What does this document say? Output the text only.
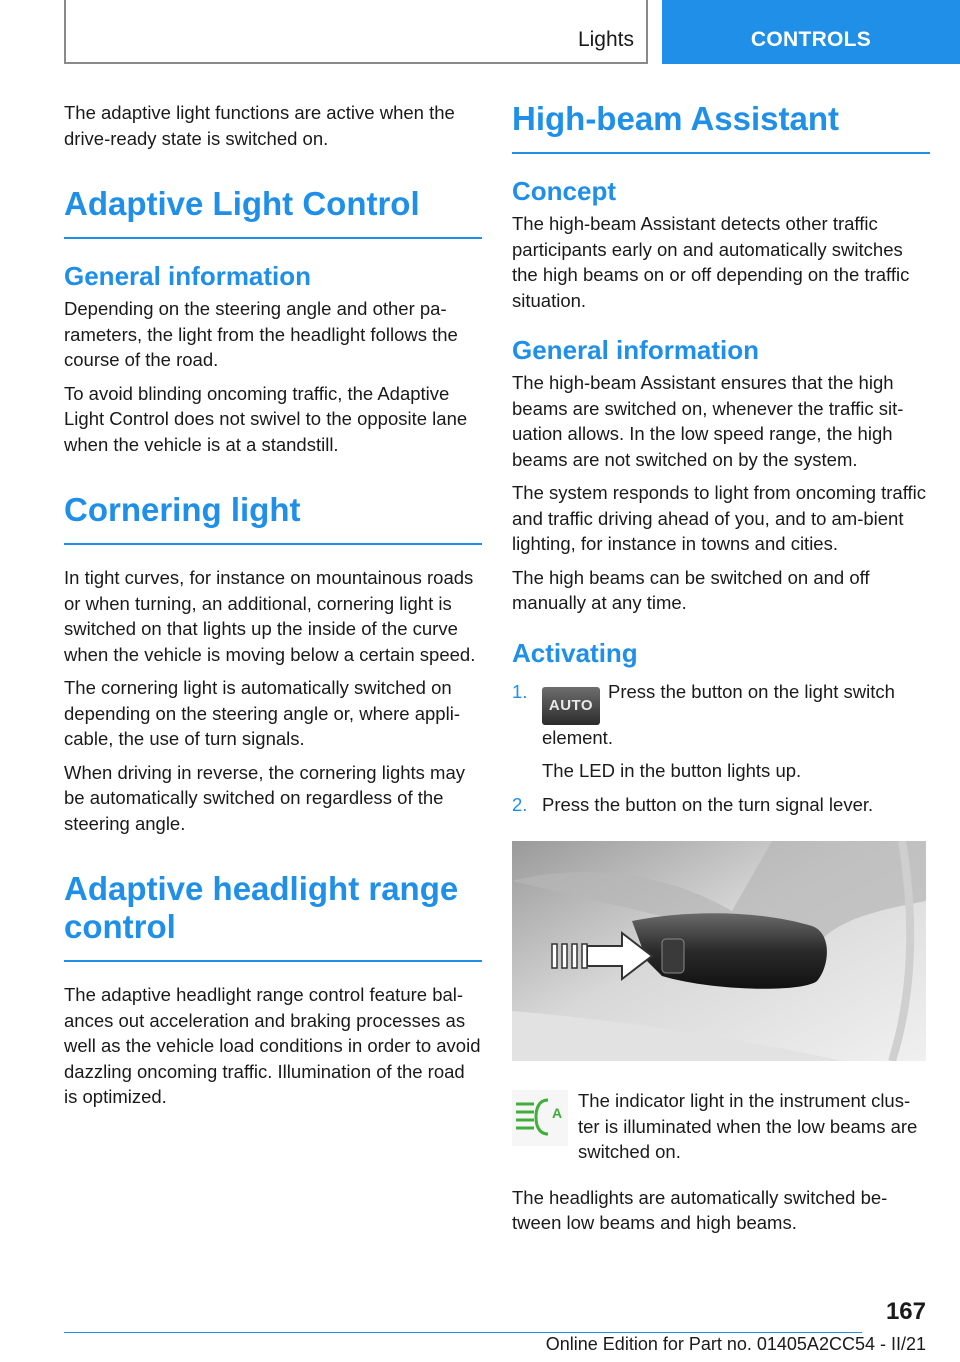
Lights	CONTROLS

The adaptive light functions are active when the drive-ready state is switched on.

Adaptive Light Control
General information

Depending on the steering angle and other pa-rameters, the light from the headlight follows the course of the road.

To avoid blinding oncoming traffic, the Adaptive Light Control does not swivel to the opposite lane when the vehicle is at a standstill.

Cornering light

In tight curves, for instance on mountainous roads or when turning, an additional, cornering light is switched on that lights up the inside of the curve when the vehicle is moving below a certain speed.

The cornering light is automatically switched on depending on the steering angle or, where appli-cable, the use of turn signals.

When driving in reverse, the cornering lights may be automatically switched on regardless of the steering angle.

Adaptive headlight range control

The adaptive headlight range control feature bal-ances out acceleration and braking processes as well as the vehicle load conditions in order to avoid dazzling oncoming traffic. Illumination of the road is optimized.

High-beam Assistant
Concept

The high-beam Assistant detects other traffic participants early on and automatically switches the high beams on or off depending on the traffic situation.

General information

The high-beam Assistant ensures that the high beams are switched on, whenever the traffic sit-uation allows. In the low speed range, the high beams are not switched on by the system.

The system responds to light from oncoming traffic and traffic driving ahead of you, and to am-bient lighting, for instance in towns and cities.

The high beams can be switched on and off manually at any time.

Activating
1.
AUTOPress the button on the light switch element.
The LED in the button lights up.
2. Press the button on the turn signal lever.
A

The indicator light in the instrument clus-ter is illuminated when the low beams are switched on.

The headlights are automatically switched be-tween low beams and high beams.

167
Online Edition for Part no. 01405A2CC54 - II/21
